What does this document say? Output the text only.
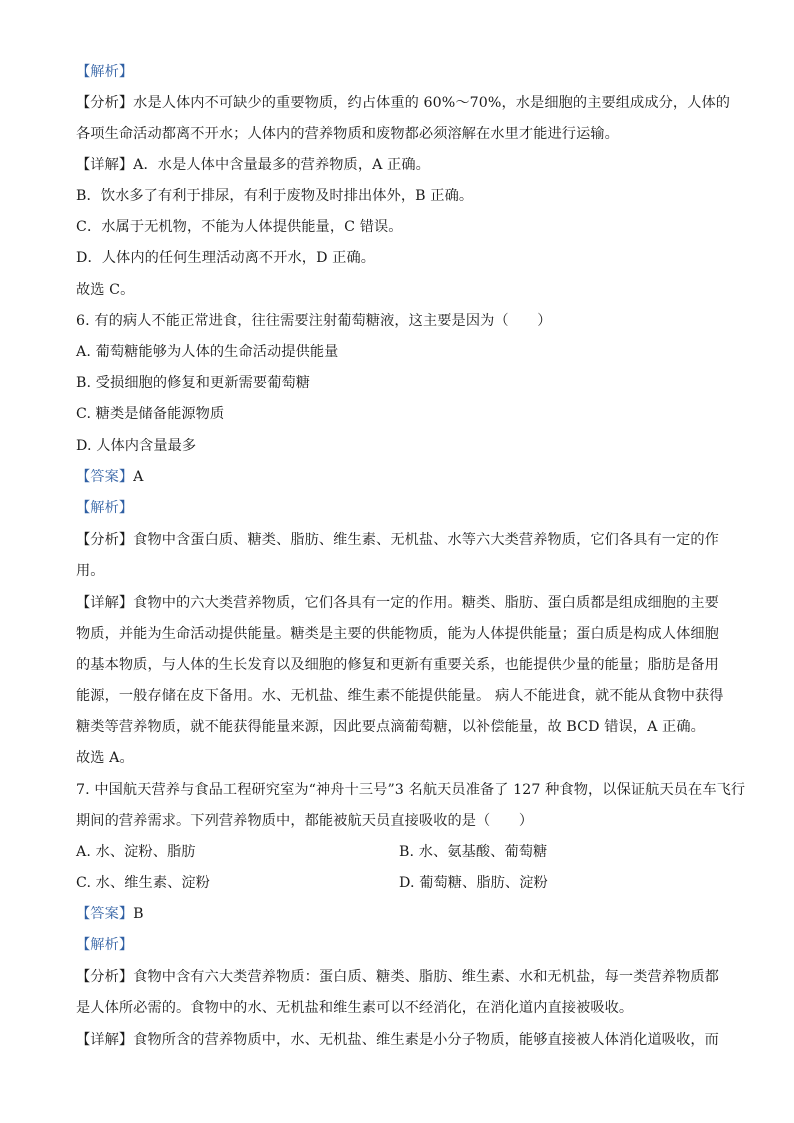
【解析】
【分析】水是人体内不可缺少的重要物质，约占体重的 60%～70%，水是细胞的主要组成成分，人体的
各项生命活动都离不开水；人体内的营养物质和废物都必须溶解在水里才能进行运输。
【详解】A．水是人体中含量最多的营养物质，A 正确。
B．饮水多了有利于排尿，有利于废物及时排出体外，B 正确。
C．水属于无机物，不能为人体提供能量，C 错误。
D．人体内的任何生理活动离不开水，D 正确。
故选 C。
6. 有的病人不能正常进食，往往需要注射葡萄糖液，这主要是因为（　　）
A. 葡萄糖能够为人体的生命活动提供能量
B. 受损细胞的修复和更新需要葡萄糖
C. 糖类是储备能源物质
D. 人体内含量最多
【答案】A
【解析】
【分析】食物中含蛋白质、糖类、脂肪、维生素、无机盐、水等六大类营养物质，它们各具有一定的作
用。
【详解】食物中的六大类营养物质，它们各具有一定的作用。糖类、脂肪、蛋白质都是组成细胞的主要
物质，并能为生命活动提供能量。糖类是主要的供能物质，能为人体提供能量；蛋白质是构成人体细胞
的基本物质，与人体的生长发育以及细胞的修复和更新有重要关系，也能提供少量的能量；脂肪是备用
能源，一般存储在皮下备用。水、无机盐、维生素不能提供能量。 病人不能进食，就不能从食物中获得
糖类等营养物质，就不能获得能量来源，因此要点滴葡萄糖，以补偿能量，故 BCD 错误，A 正确。
故选 A。
7. 中国航天营养与食品工程研究室为“神舟十三号”3 名航天员准备了 127 种食物，以保证航天员在车飞行
期间的营养需求。下列营养物质中，都能被航天员直接吸收的是（　　）
A. 水、淀粉、脂肪	B. 水、氨基酸、葡萄糖
C. 水、维生素、淀粉	D. 葡萄糖、脂肪、淀粉
【答案】B
【解析】
【分析】食物中含有六大类营养物质：蛋白质、糖类、脂肪、维生素、水和无机盐，每一类营养物质都
是人体所必需的。食物中的水、无机盐和维生素可以不经消化，在消化道内直接被吸收。
【详解】食物所含的营养物质中，水、无机盐、维生素是小分子物质，能够直接被人体消化道吸收，而
